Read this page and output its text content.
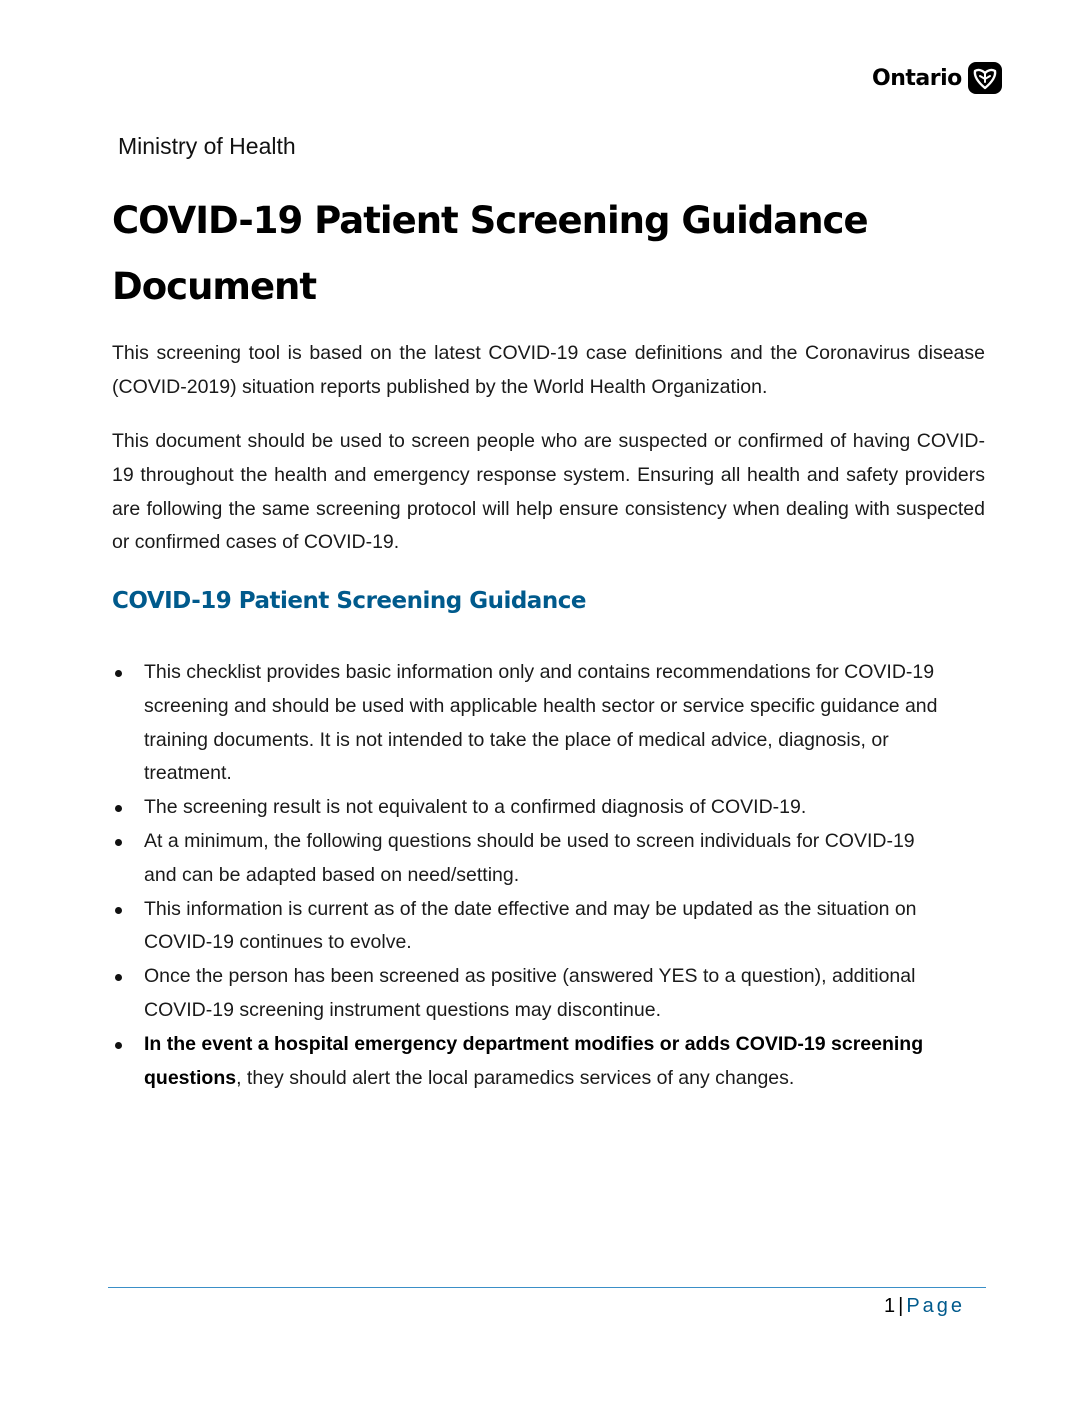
Ontario
Ministry of Health
COVID-19 Patient Screening Guidance
Document

This screening tool is based on the latest COVID-19 case definitions and the Coronavirus disease (COVID-2019) situation reports published by the World Health Organization.

This document should be used to screen people who are suspected or confirmed of having COVID-19 throughout the health and emergency response system. Ensuring all health and safety providers are following the same screening protocol will help ensure consistency when dealing with suspected or confirmed cases of COVID-19.

COVID-19 Patient Screening Guidance
This checklist provides basic information only and contains recommendations for COVID-19 screening and should be used with applicable health sector or service specific guidance and training documents. It is not intended to take the place of medical advice, diagnosis, or treatment.
The screening result is not equivalent to a confirmed diagnosis of COVID-19.
At a minimum, the following questions should be used to screen individuals for COVID-19 and can be adapted based on need/setting.
This information is current as of the date effective and may be updated as the situation on COVID-19 continues to evolve.
Once the person has been screened as positive (answered YES to a question), additional COVID-19 screening instrument questions may discontinue.
In the event a hospital emergency department modifies or adds COVID-19 screening questions, they should alert the local paramedics services of any changes.
1 | Page
